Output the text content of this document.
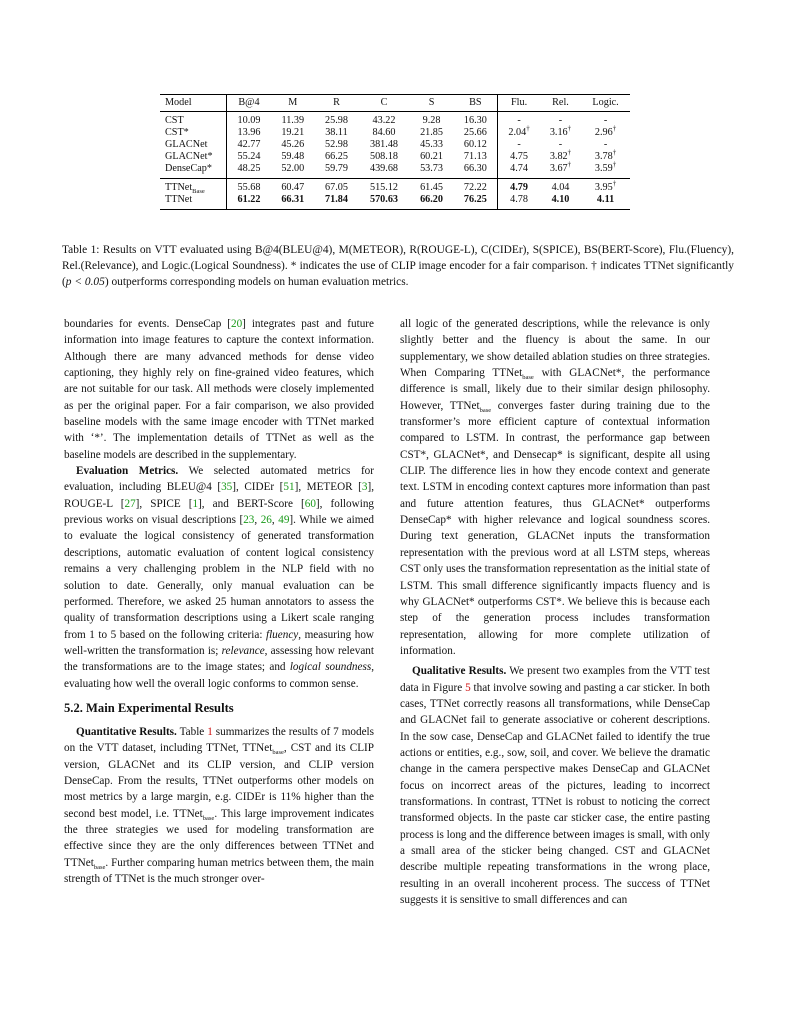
Model	B@4	M	R	C	S	BS	Flu.	Rel.	Logic.
CST	10.09	11.39	25.98	43.22	9.28	16.30	-	-	-
CST*	13.96	19.21	38.11	84.60	21.85	25.66	2.04†	3.16†	2.96†
GLACNet	42.77	45.26	52.98	381.48	45.33	60.12	-	-	-
GLACNet*	55.24	59.48	66.25	508.18	60.21	71.13	4.75	3.82†	3.78†
DenseCap*	48.25	52.00	59.79	439.68	53.73	66.30	4.74	3.67†	3.59†
TTNet$_{Base}$	55.68	60.47	67.05	515.12	61.45	72.22	4.79	4.04	3.95†
TTNet	61.22	66.31	71.84	570.63	66.20	76.25	4.78	4.10	4.11
Table 1: Results on VTT evaluated using B@4(BLEU@4), M(METEOR), R(ROUGE-L), C(CIDEr), S(SPICE), BS(BERT-Score), Flu.(Fluency), Rel.(Relevance), and Logic.(Logical Soundness). * indicates the use of CLIP image encoder for a fair comparison. † indicates TTNet significantly (p < 0.05) outperforms corresponding models on human evaluation metrics.

boundaries for events. DenseCap [20] integrates past and future information into image features to capture the context information. Although there are many advanced methods for dense video captioning, they highly rely on fine-grained video features, which are not suitable for our task. All methods were closely implemented as per the original paper. For a fair comparison, we also provided baseline models with the same image encoder with TTNet marked with ‘*’. The implementation details of TTNet as well as the baseline models are described in the supplementary.

Evaluation Metrics. We selected automated metrics for evaluation, including BLEU@4 [35], CIDEr [51], METEOR [3], ROUGE-L [27], SPICE [1], and BERT-Score [60], following previous works on visual descriptions [23, 26, 49]. While we aimed to evaluate the logical consistency of generated transformation descriptions, automatic evaluation of content logical consistency remains a very challenging problem in the NLP field with no solution to date. Generally, only manual evaluation can be performed. Therefore, we asked 25 human annotators to assess the quality of transformation descriptions using a Likert scale ranging from 1 to 5 based on the following criteria: fluency, measuring how well-written the transformation is; relevance, assessing how relevant the transformations are to the image states; and logical soundness, evaluating how well the overall logic conforms to common sense.

5.2. Main Experimental Results

Quantitative Results. Table 1 summarizes the results of 7 models on the VTT dataset, including TTNet, TTNet$_{base}$, CST and its CLIP version, GLACNet and its CLIP version, and CLIP version DenseCap. From the results, TTNet outperforms other models on most metrics by a large margin, e.g. CIDEr is 11% higher than the second best model, i.e. TTNet$_{base}$. This large improvement indicates the three strategies we used for modeling transformation are effective since they are the only differences between TTNet and TTNet$_{base}$. Further comparing human metrics between them, the main strength of TTNet is the much stronger over-

all logic of the generated descriptions, while the relevance is only slightly better and the fluency is about the same. In our supplementary, we show detailed ablation studies on three strategies. When Comparing TTNet$_{base}$ with GLACNet*, the performance difference is small, likely due to their similar design philosophy. However, TTNet$_{base}$ converges faster during training due to the transformer’s more efficient capture of contextual information compared to LSTM. In contrast, the performance gap between CST*, GLACNet*, and Densecap* is significant, despite all using CLIP. The difference lies in how they encode context and generate text. LSTM in encoding context captures more information than past and future attention features, thus GLACNet* outperforms DenseCap* with higher relevance and logical soundness scores. During text generation, GLACNet inputs the transformation representation with the previous word at all LSTM steps, whereas CST only uses the transformation representation as the initial state of LSTM. This small difference significantly impacts fluency and is why GLACNet* outperforms CST*. We believe this is because each step of the generation process includes transformation representation, allowing for more complete utilization of information.

Qualitative Results. We present two examples from the VTT test data in Figure 5 that involve sowing and pasting a car sticker. In both cases, TTNet correctly reasons all transformations, while DenseCap and GLACNet fail to generate associative or coherent descriptions. In the sow case, DenseCap and GLACNet failed to identify the true actions or entities, e.g., sow, soil, and cover. We believe the dramatic change in the camera perspective makes DenseCap and GLACNet focus on incorrect areas of the pictures, leading to incorrect transformations. In contrast, TTNet is robust to noticing the correct transformed objects. In the paste car sticker case, the entire pasting process is long and the difference between images is small, with only a small area of the sticker being changed. CST and GLACNet describe multiple repeating transformations in the wrong place, resulting in an overall incoherent process. The success of TTNet suggests it is sensitive to small differences and can
